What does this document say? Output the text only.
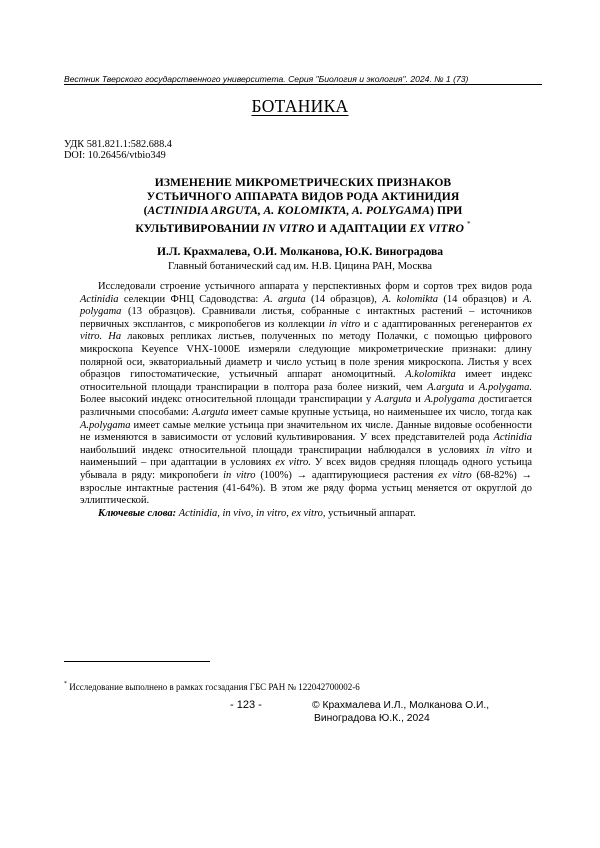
Вестник Тверского государственного университета. Серия "Биология и экология". 2024. № 1 (73)
БОТАНИКА
УДК 581.821.1:582.688.4
DOI: 10.26456/vtbio349
ИЗМЕНЕНИЕ МИКРОМЕТРИЧЕСКИХ ПРИЗНАКОВ
УСТЬИЧНОГО АППАРАТА ВИДОВ РОДА АКТИНИДИЯ
(ACTINIDIA ARGUTA, A. KOLOMIKTA, A. POLYGAMA) ПРИ
КУЛЬТИВИРОВАНИИ IN VITRO И АДАПТАЦИИ EX VITRO *
И.Л. Крахмалева, О.И. Молканова, Ю.К. Виноградова
Главный ботанический сад им. Н.В. Цицина РАН, Москва

Исследовали строение устьичного аппарата у перспективных форм и сортов трех видов рода Actinidia селекции ФНЦ Садоводства: A. arguta (14 образцов), A. kolomikta (14 образцов) и A. polygama (13 образцов). Сравнивали листья, собранные с интактных растений – источников первичных эксплантов, с микропобегов из коллекции in vitro и с адаптированных регенерантов ex vitro. На лаковых репликах листьев, полученных по методу Полачки, с помощью цифрового микроскопа Keyence VHX-1000E измеряли следующие микрометрические признаки: длину полярной оси, экваториальный диаметр и число устьиц в поле зрения микроскопа. Листья у всех образцов гипостоматические, устьичный аппарат аномоцитный. A.kolomikta имеет индекс относительной площади транспирации в полтора раза более низкий, чем A.arguta и A.polygama. Более высокий индекс относительной площади транспирации у A.arguta и A.polygama достигается различными способами: A.arguta имеет самые крупные устьица, но наименьшее их число, тогда как A.polygama имеет самые мелкие устьица при значительном их числе. Данные видовые особенности не изменяются в зависимости от условий культивирования. У всех представителей рода Actinidia наибольший индекс относительной площади транспирации наблюдался в условиях in vitro и наименьший – при адаптации в условиях ex vitro. У всех видов средняя площадь одного устьица убывала в ряду: микропобеги in vitro (100%) → адаптирующиеся растения ex vitro (68-82%) → взрослые интактные растения (41-64%). В этом же ряду форма устьиц меняется от округлой до эллиптической.

Ключевые слова: Actinidia, in vivo, in vitro, ex vitro, устьичный аппарат.

* Исследование выполнено в рамках госзадания ГБС РАН № 122042700002-6
- 123 -	© Крахмалева И.Л., Молканова О.И.,
Виноградова Ю.К., 2024
